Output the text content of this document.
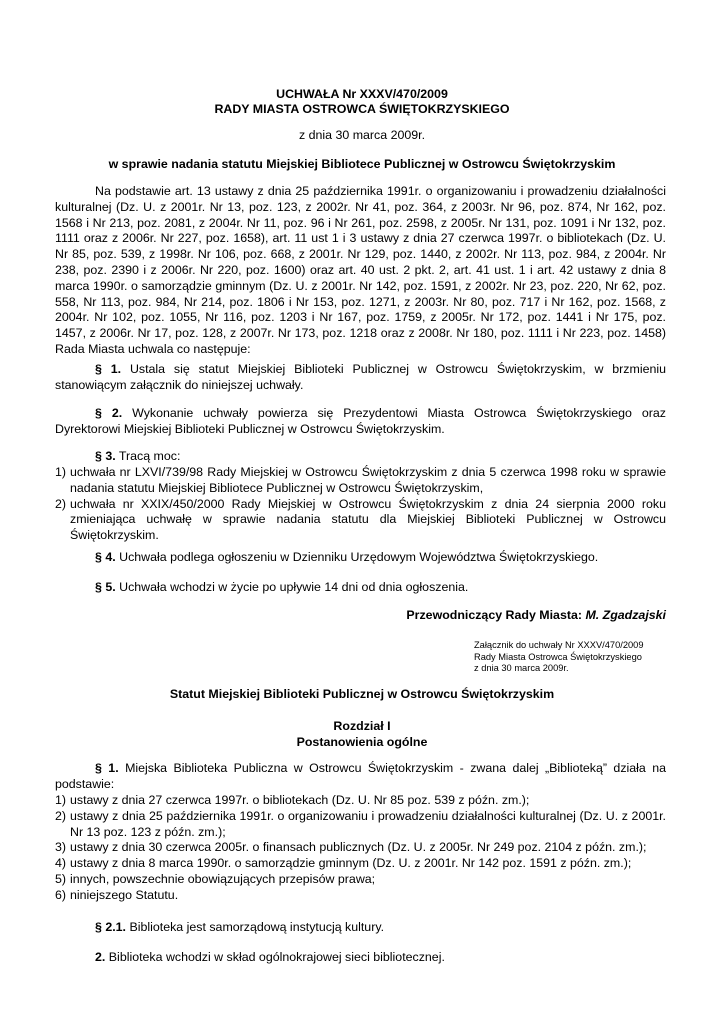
UCHWAŁA Nr XXXV/470/2009
RADY MIASTA OSTROWCA ŚWIĘTOKRZYSKIEGO
z dnia 30 marca 2009r.
w sprawie nadania statutu Miejskiej Bibliotece Publicznej w Ostrowcu Świętokrzyskim

Na podstawie art. 13 ustawy z dnia 25 października 1991r. o organizowaniu i prowadzeniu działalności kulturalnej (Dz. U. z 2001r. Nr 13, poz. 123, z 2002r. Nr 41, poz. 364, z 2003r. Nr 96, poz. 874, Nr 162, poz. 1568 i Nr 213, poz. 2081, z 2004r. Nr 11, poz. 96 i Nr 261, poz. 2598, z 2005r. Nr 131, poz. 1091 i Nr 132, poz. 1111 oraz z 2006r. Nr 227, poz. 1658), art. 11 ust 1 i 3 ustawy z dnia 27 czerwca 1997r. o bibliotekach (Dz. U. Nr 85, poz. 539, z 1998r. Nr 106, poz. 668, z 2001r. Nr 129, poz. 1440, z 2002r. Nr 113, poz. 984, z 2004r. Nr 238, poz. 2390 i z 2006r. Nr 220, poz. 1600) oraz art. 40 ust. 2 pkt. 2, art. 41 ust. 1 i art. 42 ustawy z dnia 8 marca 1990r. o samorządzie gminnym (Dz. U. z 2001r. Nr 142, poz. 1591, z 2002r. Nr 23, poz. 220, Nr 62, poz. 558, Nr 113, poz. 984, Nr 214, poz. 1806 i Nr 153, poz. 1271, z 2003r. Nr 80, poz. 717 i Nr 162, poz. 1568, z 2004r. Nr 102, poz. 1055, Nr 116, poz. 1203 i Nr 167, poz. 1759, z 2005r. Nr 172, poz. 1441 i Nr 175, poz. 1457, z 2006r. Nr 17, poz. 128, z 2007r. Nr 173, poz. 1218 oraz z 2008r. Nr 180, poz. 1111 i Nr 223, poz. 1458) Rada Miasta uchwala co następuje:

§ 1. Ustala się statut Miejskiej Biblioteki Publicznej w Ostrowcu Świętokrzyskim, w brzmieniu stanowiącym załącznik do niniejszej uchwały.

§ 2. Wykonanie uchwały powierza się Prezydentowi Miasta Ostrowca Świętokrzyskiego oraz Dyrektorowi Miejskiej Biblioteki Publicznej w Ostrowcu Świętokrzyskim.

§ 3. Tracą moc:

1) uchwała nr LXVI/739/98 Rady Miejskiej w Ostrowcu Świętokrzyskim z dnia 5 czerwca 1998 roku w sprawie nadania statutu Miejskiej Bibliotece Publicznej w Ostrowcu Świętokrzyskim,
2) uchwała nr XXIX/450/2000 Rady Miejskiej w Ostrowcu Świętokrzyskim z dnia 24 sierpnia 2000 roku zmieniająca uchwałę w sprawie nadania statutu dla Miejskiej Biblioteki Publicznej w Ostrowcu Świętokrzyskim.

§ 4. Uchwała podlega ogłoszeniu w Dzienniku Urzędowym Województwa Świętokrzyskiego.

§ 5. Uchwała wchodzi w życie po upływie 14 dni od dnia ogłoszenia.

Przewodniczący Rady Miasta: M. Zgadzajski
Załącznik do uchwały Nr XXXV/470/2009
Rady Miasta Ostrowca Świętokrzyskiego
z dnia 30 marca 2009r.
Statut Miejskiej Biblioteki Publicznej w Ostrowcu Świętokrzyskim
Rozdział I
Postanowienia ogólne

§ 1. Miejska Biblioteka Publiczna w Ostrowcu Świętokrzyskim - zwana dalej „Biblioteką” działa na podstawie:

1) ustawy z dnia 27 czerwca 1997r. o bibliotekach (Dz. U. Nr 85 poz. 539 z późn. zm.);
2) ustawy z dnia 25 października 1991r. o organizowaniu i prowadzeniu działalności kulturalnej (Dz. U. z 2001r. Nr 13 poz. 123 z późn. zm.);
3) ustawy z dnia 30 czerwca 2005r. o finansach publicznych (Dz. U. z 2005r. Nr 249 poz. 2104 z późn. zm.);
4) ustawy z dnia 8 marca 1990r. o samorządzie gminnym (Dz. U. z 2001r. Nr 142 poz. 1591 z późn. zm.);
5) innych, powszechnie obowiązujących przepisów prawa;
6) niniejszego Statutu.

§ 2.1. Biblioteka jest samorządową instytucją kultury.

2. Biblioteka wchodzi w skład ogólnokrajowej sieci bibliotecznej.
